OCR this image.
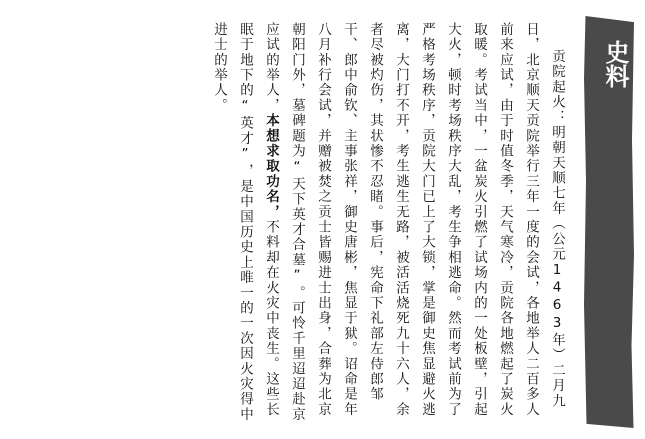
史料

贡院起火：明朝天顺七年（公元1463年）二月九日，北京顺天贡院举行三年一度的会试，各地举人二百多人前来应试，由于时值冬季，天气寒冷，贡院各地燃起了炭火取暖。考试当中，一盆炭火引燃了试场内的一处板壁，引起大火，顿时考场秩序大乱，考生争相逃命。然而考试前为了严格考场秩序，贡院大门已上了大锁，掌是御史焦显避火逃离，大门打不开，考生逃生无路，被活活烧死九十六人，余者尽被灼伤，其状惨不忍睹。事后，宪命下礼部左侍郎邹干、郎中俞钦、主事张祥，御史唐彬，焦显于狱。诏命是年八月补行会试，并赠被焚之贡士皆赐进士出身，合葬为北京朝阳门外，墓碑题为“天下英才合墓”。可怜千里迢迢赴京应试的举人，本想求取功名，不料却在火灾中丧生。这些长眠于地下的“英才”，是中国历史上唯一的一次因火灾得中进士的举人。
